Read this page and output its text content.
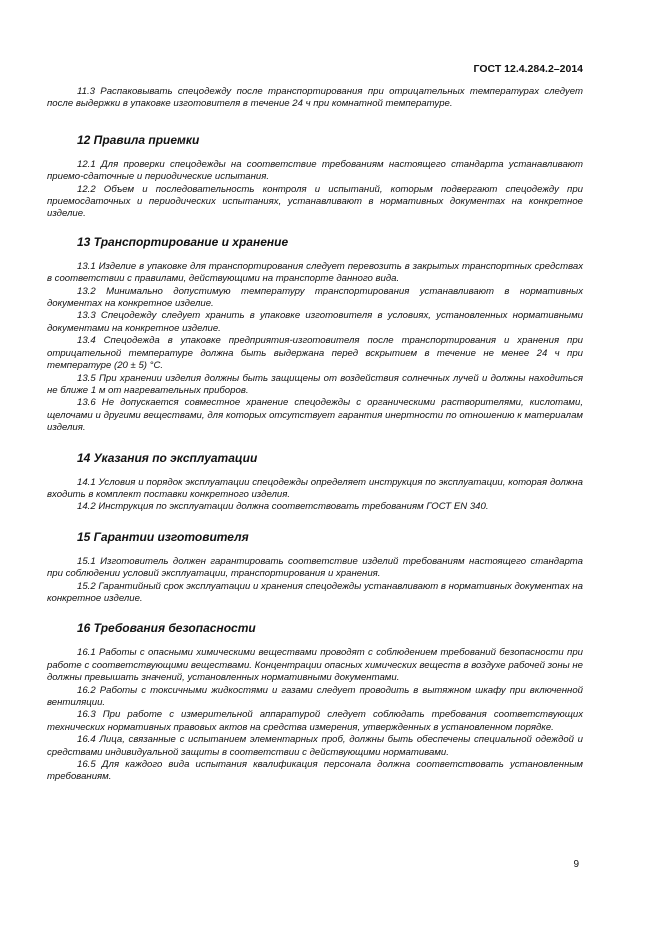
ГОСТ 12.4.284.2–2014

11.3 Распаковывать спецодежду после транспортирования при отрицательных температурах следует после выдержки в упаковке изготовителя в течение 24 ч при комнатной температуре.

12 Правила приемки

12.1 Для проверки спецодежды на соответствие требованиям настоящего стандарта устанавливают приемо-сдаточные и периодические испытания.

12.2 Объем и последовательность контроля и испытаний, которым подвергают спецодежду при приемосдаточных и периодических испытаниях, устанавливают в нормативных документах на конкретное изделие.

13 Транспортирование и хранение

13.1 Изделие в упаковке для транспортирования следует перевозить в закрытых транспортных средствах в соответствии с правилами, действующими на транспорте данного вида.

13.2 Минимально допустимую температуру транспортирования устанавливают в нормативных документах на конкретное изделие.

13.3 Спецодежду следует хранить в упаковке изготовителя в условиях, установленных нормативными документами на конкретное изделие.

13.4 Спецодежда в упаковке предприятия-изготовителя после транспортирования и хранения при отрицательной температуре должна быть выдержана перед вскрытием в течение не менее 24 ч при температуре (20 ± 5) °С.

13.5 При хранении изделия должны быть защищены от воздействия солнечных лучей и должны находиться не ближе 1 м от нагревательных приборов.

13.6 Не допускается совместное хранение спецодежды с органическими растворителями, кислотами, щелочами и другими веществами, для которых отсутствует гарантия инертности по отношению к материалам изделия.

14 Указания по эксплуатации

14.1 Условия и порядок эксплуатации спецодежды определяет инструкция по эксплуатации, которая должна входить в комплект поставки конкретного изделия.

14.2 Инструкция по эксплуатации должна соответствовать требованиям ГОСТ EN 340.

15 Гарантии изготовителя

15.1 Изготовитель должен гарантировать соответствие изделий требованиям настоящего стандарта при соблюдении условий эксплуатации, транспортирования и хранения.

15.2 Гарантийный срок эксплуатации и хранения спецодежды устанавливают в нормативных документах на конкретное изделие.

16 Требования безопасности

16.1 Работы с опасными химическими веществами проводят с соблюдением требований безопасности при работе с соответствующими веществами. Концентрации опасных химических веществ в воздухе рабочей зоны не должны превышать значений, установленных нормативными документами.

16.2 Работы с токсичными жидкостями и газами следует проводить в вытяжном шкафу при включенной вентиляции.

16.3 При работе с измерительной аппаратурой следует соблюдать требования соответствующих технических нормативных правовых актов на средства измерения, утвержденных в установленном порядке.

16.4 Лица, связанные с испытанием элементарных проб, должны быть обеспечены специальной одеждой и средствами индивидуальной защиты в соответствии с действующими нормативами.

16.5 Для каждого вида испытания квалификация персонала должна соответствовать установленным требованиям.

9
